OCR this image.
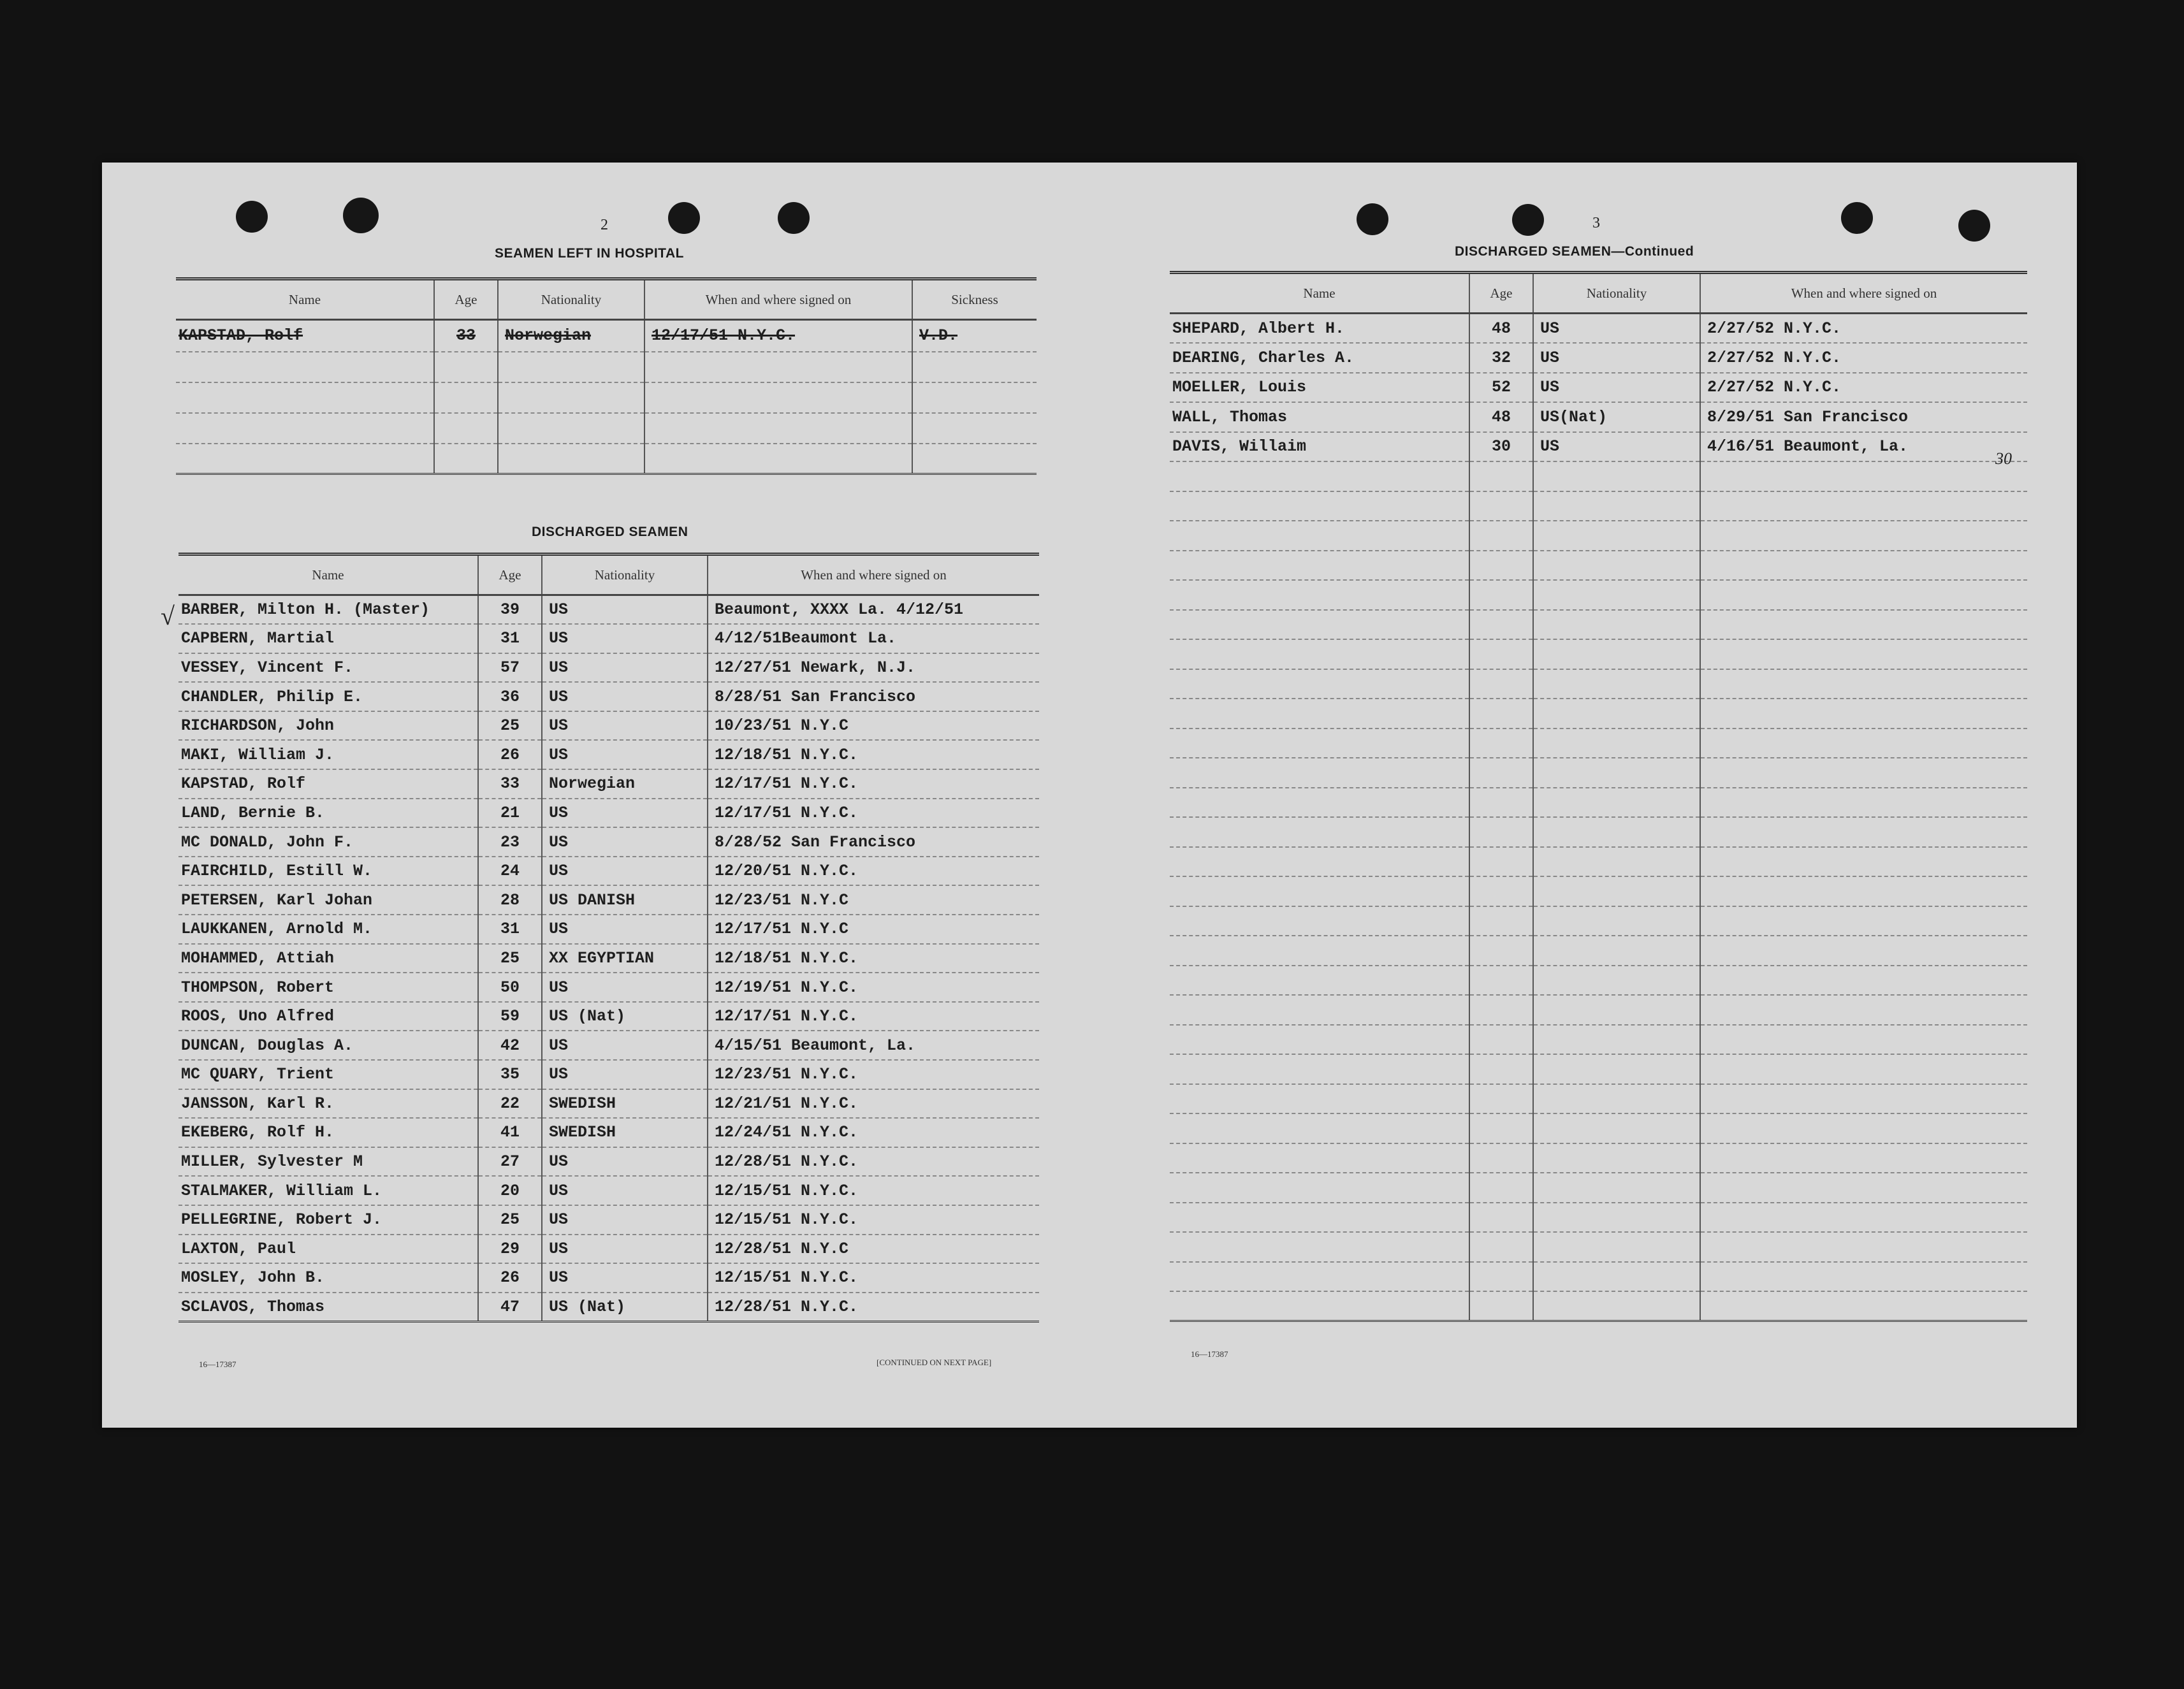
2
SEAMEN LEFT IN HOSPITAL
Name	Age	Nationality	When and where signed on	Sickness
KAPSTAD, Rolf	33	Norwegian	12/17/51 N.Y.C.	V.D.

DISCHARGED SEAMEN
√
Name	Age	Nationality	When and where signed on
BARBER, Milton H. (Master)	39	US	Beaumont, XXXX La. 4/12/51
CAPBERN, Martial	31	US	4/12/51Beaumont La.
VESSEY, Vincent F.	57	US	12/27/51 Newark, N.J.
CHANDLER, Philip E.	36	US	8/28/51 San Francisco
RICHARDSON, John	25	US	10/23/51 N.Y.C
MAKI, William J.	26	US	12/18/51 N.Y.C.
KAPSTAD, Rolf	33	Norwegian	12/17/51 N.Y.C.
LAND, Bernie B.	21	US	12/17/51 N.Y.C.
MC DONALD, John F.	23	US	8/28/52 San Francisco
FAIRCHILD, Estill W.	24	US	12/20/51 N.Y.C.
PETERSEN, Karl Johan	28	US DANISH	12/23/51 N.Y.C
LAUKKANEN, Arnold M.	31	US	12/17/51 N.Y.C
MOHAMMED, Attiah	25	XX EGYPTIAN	12/18/51 N.Y.C.
THOMPSON, Robert	50	US	12/19/51 N.Y.C.
ROOS, Uno Alfred	59	US (Nat)	12/17/51 N.Y.C.
DUNCAN, Douglas A.	42	US	4/15/51 Beaumont, La.
MC QUARY, Trient	35	US	12/23/51 N.Y.C.
JANSSON, Karl R.	22	SWEDISH	12/21/51 N.Y.C.
EKEBERG, Rolf H.	41	SWEDISH	12/24/51 N.Y.C.
MILLER, Sylvester M	27	US	12/28/51 N.Y.C.
STALMAKER, William L.	20	US	12/15/51 N.Y.C.
PELLEGRINE, Robert J.	25	US	12/15/51 N.Y.C.
LAXTON, Paul	29	US	12/28/51 N.Y.C
MOSLEY, John B.	26	US	12/15/51 N.Y.C.
SCLAVOS, Thomas	47	US (Nat)	12/28/51 N.Y.C.
16—17387	[CONTINUED ON NEXT PAGE]
3
DISCHARGED SEAMEN—Continued
Name	Age	Nationality	When and where signed on
SHEPARD, Albert H.	48	US	2/27/52 N.Y.C.
DEARING, Charles A.	32	US	2/27/52 N.Y.C.
MOELLER, Louis	52	US	2/27/52 N.Y.C.
WALL, Thomas	48	US(Nat)	8/29/51 San Francisco
DAVIS, Willaim	30	US	4/16/51 Beaumont, La.

30
16—17387
